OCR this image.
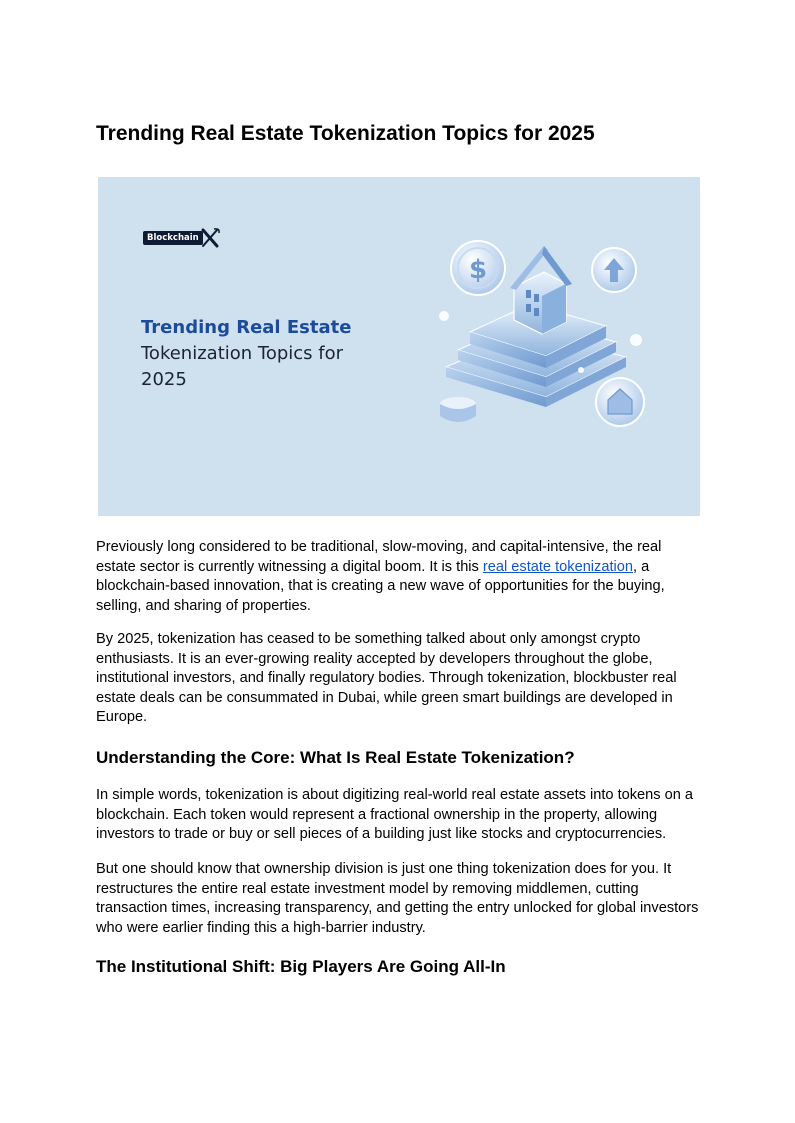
Trending Real Estate Tokenization Topics for 2025
Blockchain
Trending Real Estate
Tokenization Topics for
2025
$

Previously long considered to be traditional, slow-moving, and capital-intensive, the real estate sector is currently witnessing a digital boom. It is this real estate tokenization, a blockchain-based innovation, that is creating a new wave of opportunities for the buying, selling, and sharing of properties.

By 2025, tokenization has ceased to be something talked about only amongst crypto enthusiasts. It is an ever-growing reality accepted by developers throughout the globe, institutional investors, and finally regulatory bodies. Through tokenization, blockbuster real estate deals can be consummated in Dubai, while green smart buildings are developed in Europe.

Understanding the Core: What Is Real Estate Tokenization?

In simple words, tokenization is about digitizing real-world real estate assets into tokens on a blockchain. Each token would represent a fractional ownership in the property, allowing investors to trade or buy or sell pieces of a building just like stocks and cryptocurrencies.

But one should know that ownership division is just one thing tokenization does for you. It restructures the entire real estate investment model by removing middlemen, cutting transaction times, increasing transparency, and getting the entry unlocked for global investors who were earlier finding this a high-barrier industry.

The Institutional Shift: Big Players Are Going All-In
